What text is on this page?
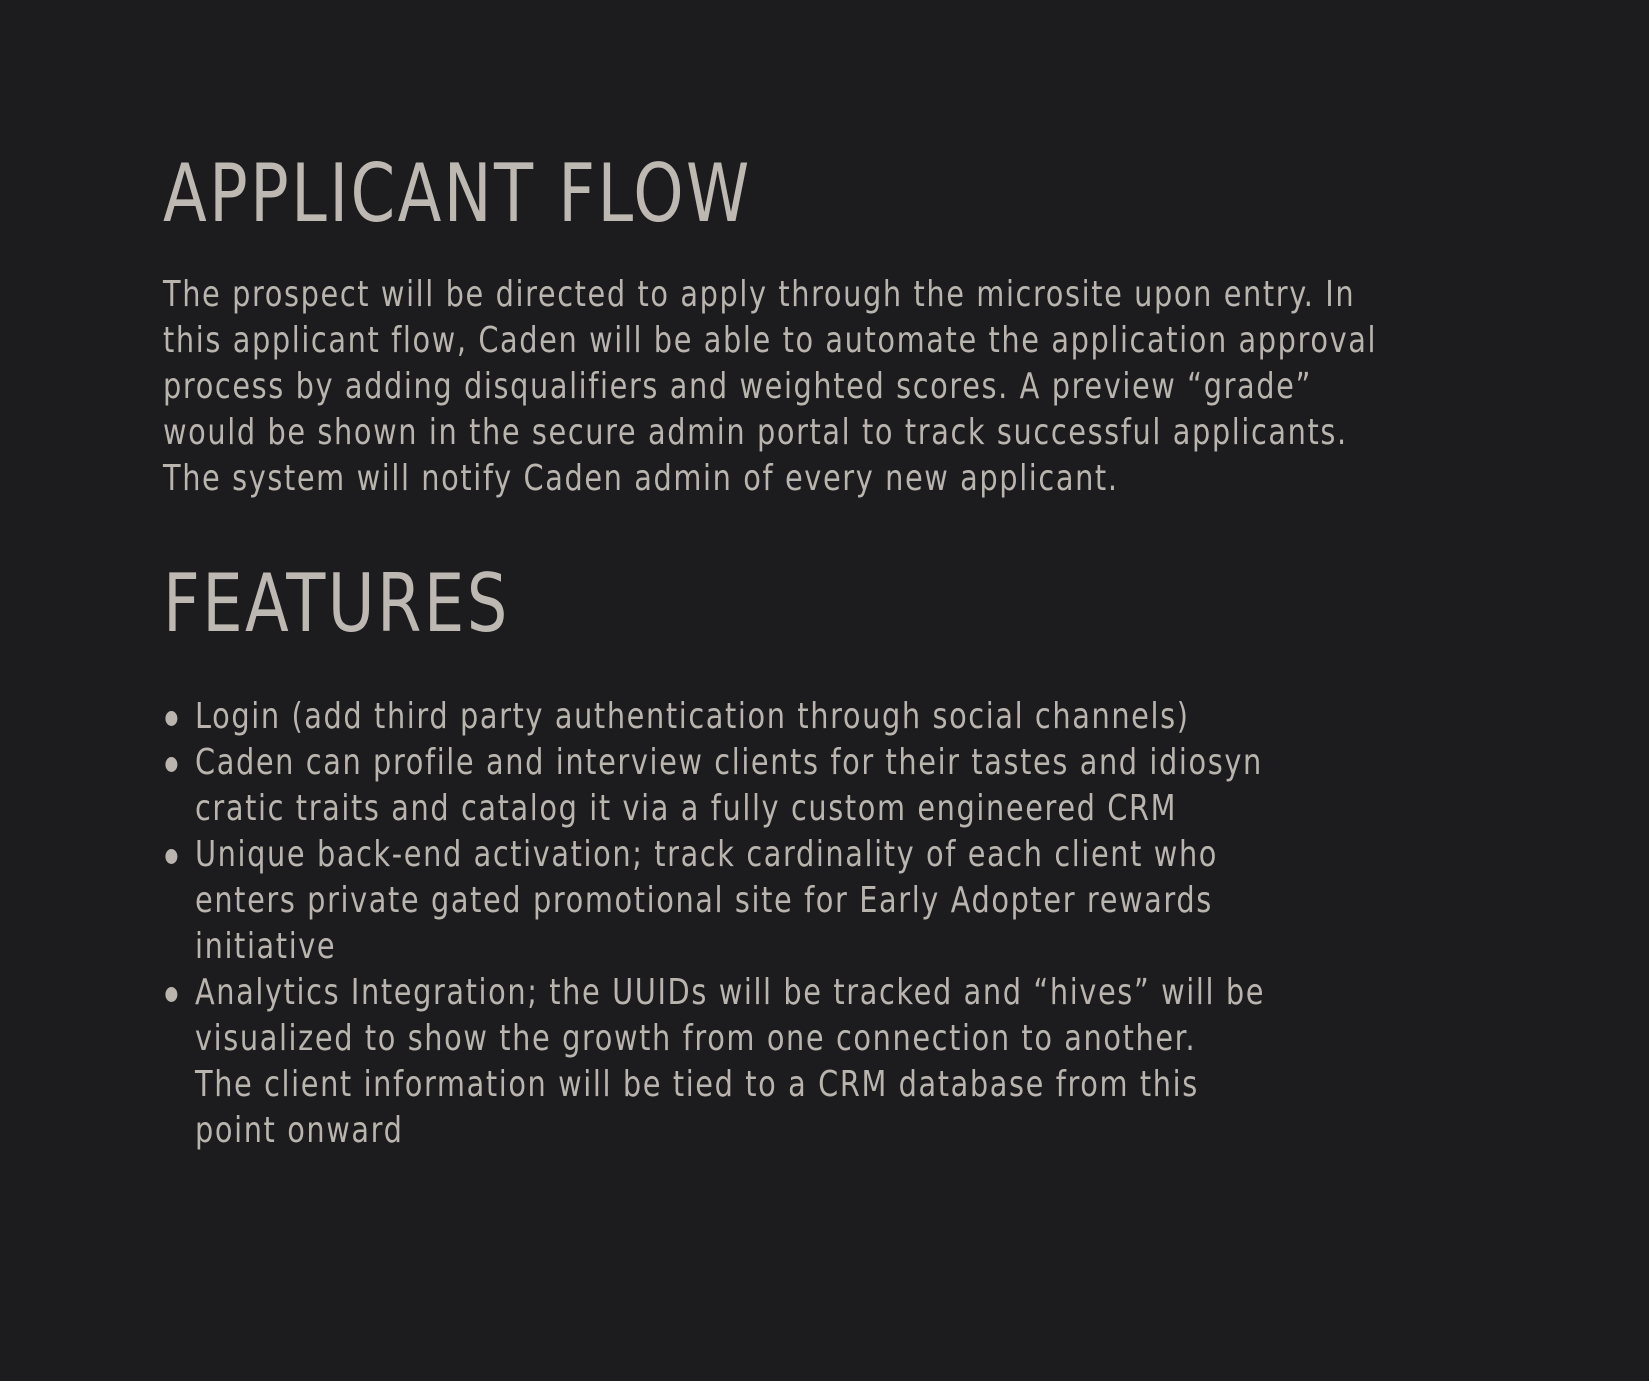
APPLICANT FLOW

The prospect will be directed to apply through the microsite upon entry. In
this applicant flow, Caden will be able to automate the application approval
process by adding disqualifiers and weighted scores. A preview “grade”
would be shown in the secure admin portal to track successful applicants.
The system will notify Caden admin of every new applicant.

FEATURES
Login (add third party authentication through social channels)
Caden can profile and interview clients for their tastes and idiosyn
cratic traits and catalog it via a fully custom engineered CRM
Unique back-end activation; track cardinality of each client who
enters private gated promotional site for Early Adopter rewards
initiative
Analytics Integration; the UUIDs will be tracked and “hives” will be
visualized to show the growth from one connection to another.
The client information will be tied to a CRM database from this
point onward
